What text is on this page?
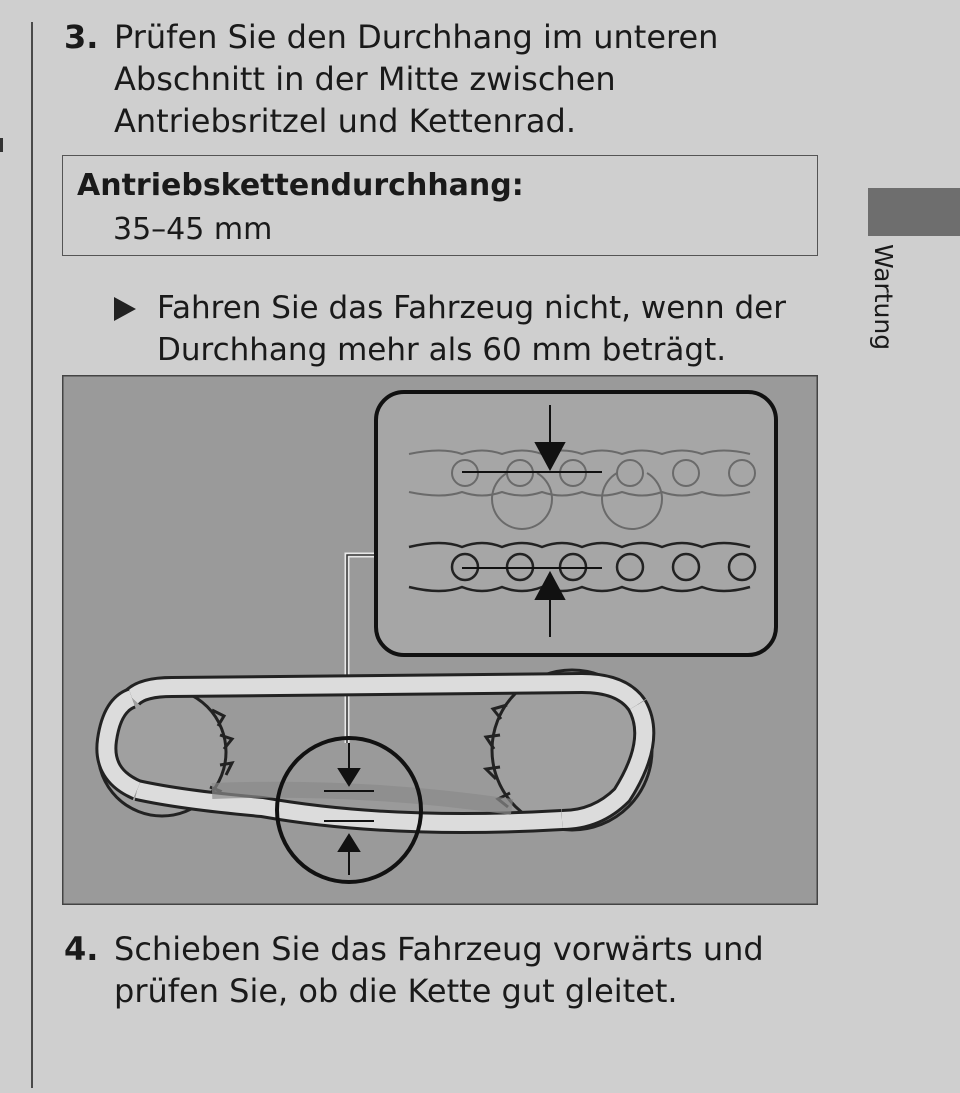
3. Prüfen Sie den Durchhang im unteren Abschnitt in der Mitte zwischen Antriebsritzel und Kettenrad.
Antriebskettendurchhang:
35–45 mm
Fahren Sie das Fahrzeug nicht, wenn der Durchhang mehr als 60 mm beträgt.
4. Schieben Sie das Fahrzeug vorwärts und prüfen Sie, ob die Kette gut gleitet.
Wartung
